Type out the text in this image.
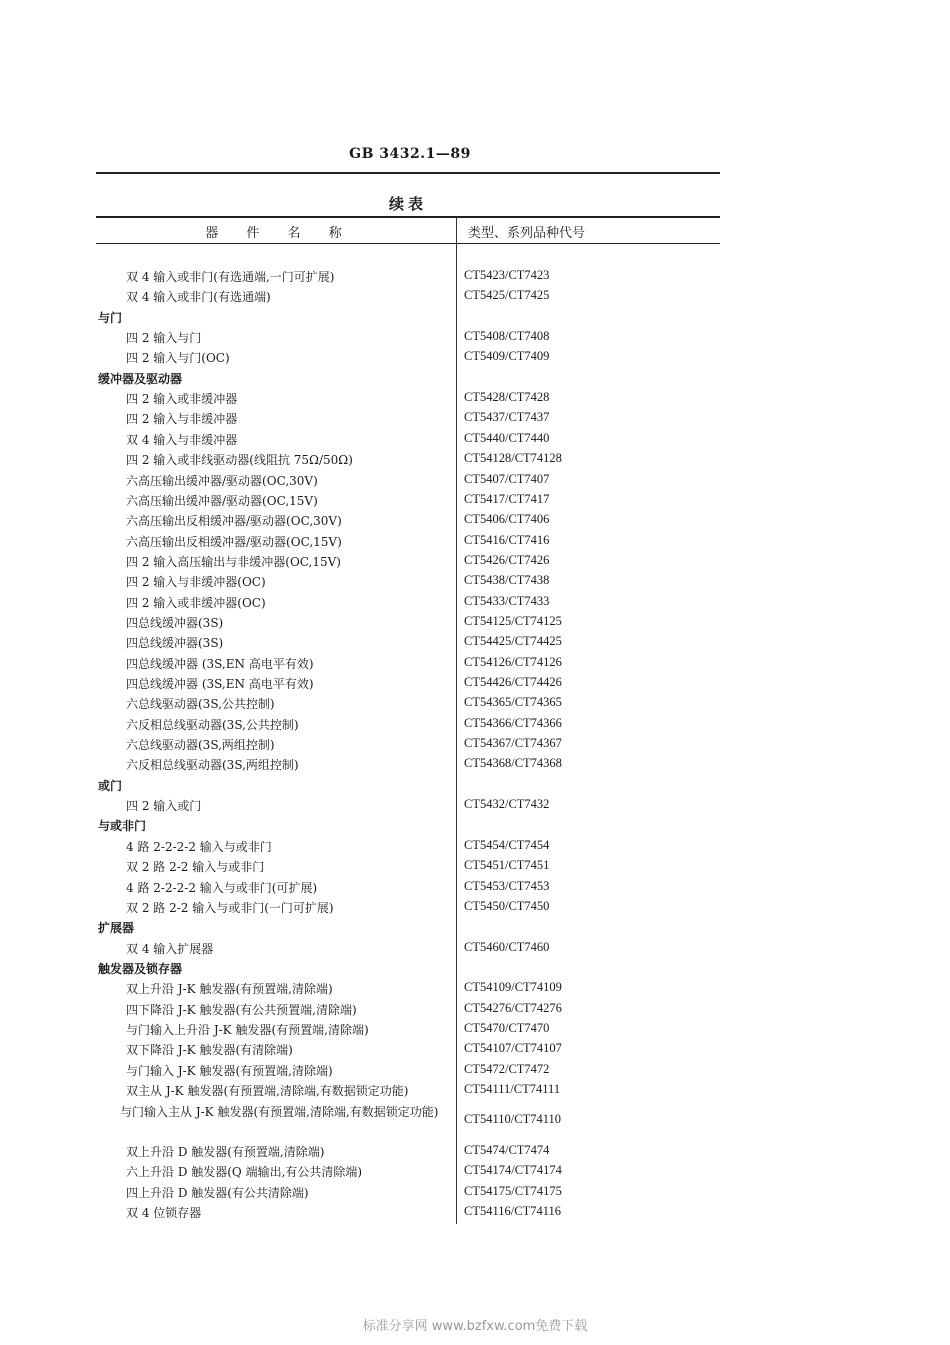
GB 3432.1—89
续表
器 件 名 称	类型、系列品种代号
双 4 输入或非门(有选通端,一门可扩展)	CT5423/CT7423
双 4 输入或非门(有选通端)	CT5425/CT7425
与门
四 2 输入与门	CT5408/CT7408
四 2 输入与门(OC)	CT5409/CT7409
缓冲器及驱动器
四 2 输入或非缓冲器	CT5428/CT7428
四 2 输入与非缓冲器	CT5437/CT7437
双 4 输入与非缓冲器	CT5440/CT7440
四 2 输入或非线驱动器(线阻抗 75Ω/50Ω)	CT54128/CT74128
六高压输出缓冲器/驱动器(OC,30V)	CT5407/CT7407
六高压输出缓冲器/驱动器(OC,15V)	CT5417/CT7417
六高压输出反相缓冲器/驱动器(OC,30V)	CT5406/CT7406
六高压输出反相缓冲器/驱动器(OC,15V)	CT5416/CT7416
四 2 输入高压输出与非缓冲器(OC,15V)	CT5426/CT7426
四 2 输入与非缓冲器(OC)	CT5438/CT7438
四 2 输入或非缓冲器(OC)	CT5433/CT7433
四总线缓冲器(3S)	CT54125/CT74125
四总线缓冲器(3S)	CT54425/CT74425
四总线缓冲器 (3S,EN 高电平有效)	CT54126/CT74126
四总线缓冲器 (3S,EN 高电平有效)	CT54426/CT74426
六总线驱动器(3S,公共控制)	CT54365/CT74365
六反相总线驱动器(3S,公共控制)	CT54366/CT74366
六总线驱动器(3S,两组控制)	CT54367/CT74367
六反相总线驱动器(3S,两组控制)	CT54368/CT74368
或门
四 2 输入或门	CT5432/CT7432
与或非门
4 路 2-2-2-2 输入与或非门	CT5454/CT7454
双 2 路 2-2 输入与或非门	CT5451/CT7451
4 路 2-2-2-2 输入与或非门(可扩展)	CT5453/CT7453
双 2 路 2-2 输入与或非门(一门可扩展)	CT5450/CT7450
扩展器
双 4 输入扩展器	CT5460/CT7460
触发器及锁存器
双上升沿 J-K 触发器(有预置端,清除端)	CT54109/CT74109
四下降沿 J-K 触发器(有公共预置端,清除端)	CT54276/CT74276
与门输入上升沿 J-K 触发器(有预置端,清除端)	CT5470/CT7470
双下降沿 J-K 触发器(有清除端)	CT54107/CT74107
与门输入 J-K 触发器(有预置端,清除端)	CT5472/CT7472
双主从 J-K 触发器(有预置端,清除端,有数据锁定功能)	CT54111/CT74111
与门输入主从 J-K 触发器(有预置端,清除端,有数据锁定功能)	CT54110/CT74110
双上升沿 D 触发器(有预置端,清除端)	CT5474/CT7474
六上升沿 D 触发器(Q 端输出,有公共清除端)	CT54174/CT74174
四上升沿 D 触发器(有公共清除端)	CT54175/CT74175
双 4 位锁存器	CT54116/CT74116
标准分享网 www.bzfxw.com免费下载
